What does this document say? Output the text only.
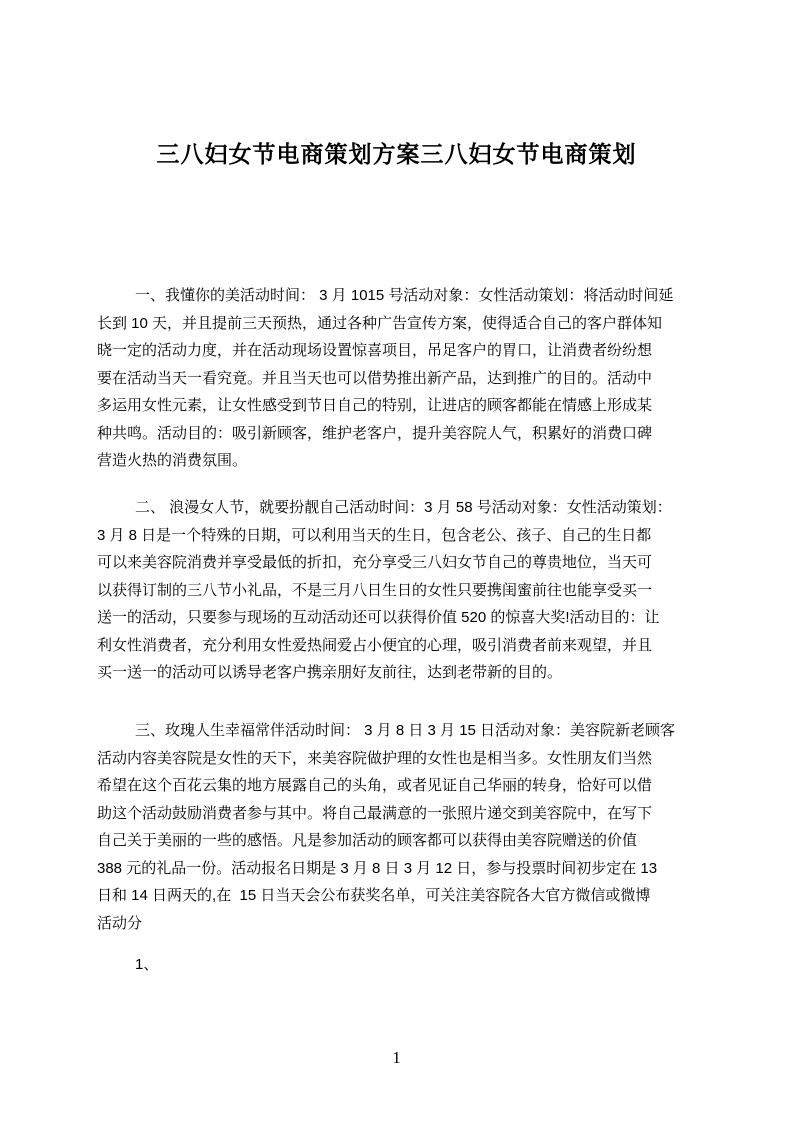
三八妇女节电商策划方案三八妇女节电商策划
一、我懂你的美活动时间： 3 月 1015 号活动对象：女性活动策划：将活动时间延
长到 10 天，并且提前三天预热，通过各种广告宣传方案，使得适合自己的客户群体知
晓一定的活动力度，并在活动现场设置惊喜项目，吊足客户的胃口，让消费者纷纷想
要在活动当天一看究竟。并且当天也可以借势推出新产品，达到推广的目的。活动中
多运用女性元素，让女性感受到节日自己的特别，让进店的顾客都能在情感上形成某
种共鸣。活动目的：吸引新顾客，维护老客户，提升美容院人气，积累好的消费口碑
营造火热的消费氛围。
二、 浪漫女人节，就要扮靓自己活动时间：3 月 58 号活动对象：女性活动策划：
3 月 8 日是一个特殊的日期，可以利用当天的生日，包含老公、孩子、自己的生日都
可以来美容院消费并享受最低的折扣，充分享受三八妇女节自己的尊贵地位，当天可
以获得订制的三八节小礼品，不是三月八日生日的女性只要携闺蜜前往也能享受买一
送一的活动，只要参与现场的互动活动还可以获得价值 520 的惊喜大奖!活动目的：让
利女性消费者，充分利用女性爱热闹爱占小便宜的心理，吸引消费者前来观望，并且
买一送一的活动可以诱导老客户携亲朋好友前往，达到老带新的目的。
三、玫瑰人生幸福常伴活动时间： 3 月 8 日 3 月 15 日活动对象：美容院新老顾客
活动内容美容院是女性的天下，来美容院做护理的女性也是相当多。女性朋友们当然
希望在这个百花云集的地方展露自己的头角，或者见证自己华丽的转身，恰好可以借
助这个活动鼓励消费者参与其中。将自己最满意的一张照片递交到美容院中，在写下
自己关于美丽的一些的感悟。凡是参加活动的顾客都可以获得由美容院赠送的价值
388 元的礼品一份。活动报名日期是 3 月 8 日 3 月 12 日，参与投票时间初步定在 13
日和 14 日两天的,在  15 日当天会公布获奖名单，可关注美容院各大官方微信或微博
活动分
1、
1
